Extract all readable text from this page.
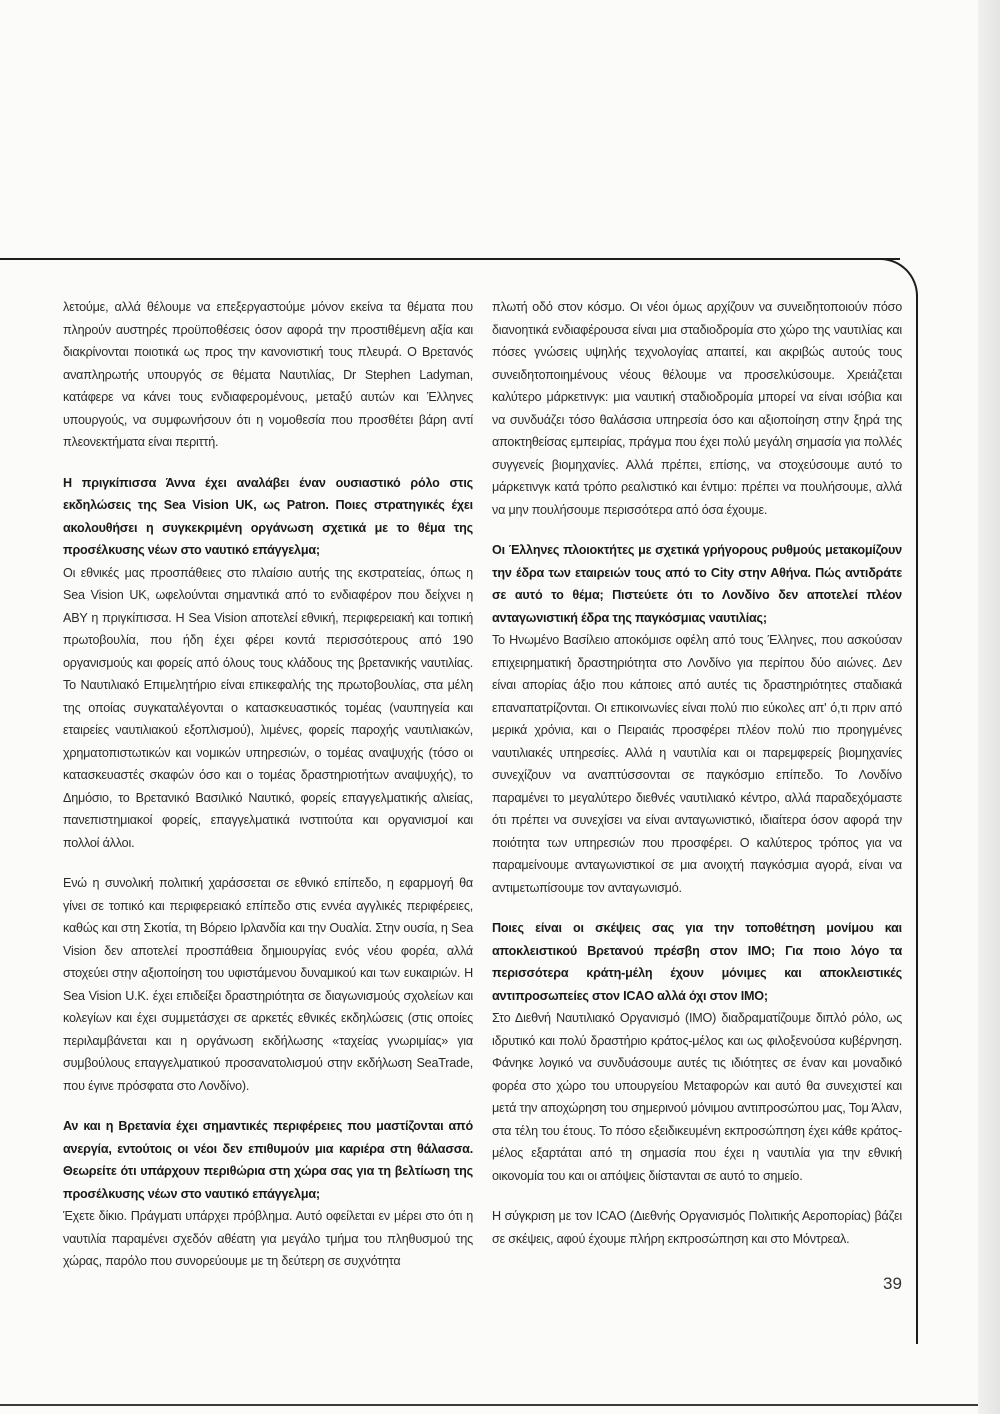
λετούμε, αλλά θέλουμε να επεξεργαστούμε μόνον εκείνα τα θέματα που πληρούν αυστηρές προϋποθέσεις όσον αφορά την προστιθέμενη αξία και διακρίνονται ποιοτικά ως προς την κανονιστική τους πλευρά. Ο Βρετανός αναπληρωτής υπουργός σε θέματα Ναυτιλίας, Dr Stephen Ladyman, κατάφερε να κάνει τους ενδιαφερομένους, μεταξύ αυτών και Έλληνες υπουργούς, να συμφωνήσουν ότι η νομοθεσία που προσθέτει βάρη αντί πλεονεκτήματα είναι περιττή.

Η πριγκίπισσα Άννα έχει αναλάβει έναν ουσιαστικό ρόλο στις εκδηλώσεις της Sea Vision UK, ως Patron. Ποιες στρατηγικές έχει ακολουθήσει η συγκεκριμένη οργάνωση σχετικά με το θέμα της προσέλκυσης νέων στο ναυτικό επάγγελμα;
Οι εθνικές μας προσπάθειες στο πλαίσιο αυτής της εκστρατείας, όπως η Sea Vision UK, ωφελούνται σημαντικά από το ενδιαφέρον που δείχνει η ΑΒΥ η πριγκίπισσα. Η Sea Vision αποτελεί εθνική, περιφερειακή και τοπική πρωτοβουλία, που ήδη έχει φέρει κοντά περισσότερους από 190 οργανισμούς και φορείς από όλους τους κλάδους της βρετανικής ναυτιλίας. Το Ναυτιλιακό Επιμελητήριο είναι επικεφαλής της πρωτοβουλίας, στα μέλη της οποίας συγκαταλέγονται ο κατασκευαστικός τομέας (ναυπηγεία και εταιρείες ναυτιλιακού εξοπλισμού), λιμένες, φορείς παροχής ναυτιλιακών, χρηματοπιστωτικών και νομικών υπηρεσιών, ο τομέας αναψυχής (τόσο οι κατασκευαστές σκαφών όσο και ο τομέας δραστηριοτήτων αναψυχής), το Δημόσιο, το Βρετανικό Βασιλικό Ναυτικό, φορείς επαγγελματικής αλιείας, πανεπιστημιακοί φορείς, επαγγελματικά ινστιτούτα και οργανισμοί και πολλοί άλλοι.

Ενώ η συνολική πολιτική χαράσσεται σε εθνικό επίπεδο, η εφαρμογή θα γίνει σε τοπικό και περιφερειακό επίπεδο στις εννέα αγγλικές περιφέρειες, καθώς και στη Σκοτία, τη Βόρειο Ιρλανδία και την Ουαλία. Στην ουσία, η Sea Vision δεν αποτελεί προσπάθεια δημιουργίας ενός νέου φορέα, αλλά στοχεύει στην αξιοποίηση του υφιστάμενου δυναμικού και των ευκαιριών. Η Sea Vision U.K. έχει επιδείξει δραστηριότητα σε διαγωνισμούς σχολείων και κολεγίων και έχει συμμετάσχει σε αρκετές εθνικές εκδηλώσεις (στις οποίες περιλαμβάνεται και η οργάνωση εκδήλωσης «ταχείας γνωριμίας» για συμβούλους επαγγελματικού προσανατολισμού στην εκδήλωση SeaTrade, που έγινε πρόσφατα στο Λονδίνο).

Αν και η Βρετανία έχει σημαντικές περιφέρειες που μαστίζονται από ανεργία, εντούτοις οι νέοι δεν επιθυμούν μια καριέρα στη θάλασσα. Θεωρείτε ότι υπάρχουν περιθώρια στη χώρα σας για τη βελτίωση της προσέλκυσης νέων στο ναυτικό επάγγελμα;
Έχετε δίκιο. Πράγματι υπάρχει πρόβλημα. Αυτό οφείλεται εν μέρει στο ότι η ναυτιλία παραμένει σχεδόν αθέατη για μεγάλο τμήμα του πληθυσμού της χώρας, παρόλο που συνορεύουμε με τη δεύτερη σε συχνότητα

πλωτή οδό στον κόσμο. Οι νέοι όμως αρχίζουν να συνειδητοποιούν πόσο διανοητικά ενδιαφέρουσα είναι μια σταδιοδρομία στο χώρο της ναυτιλίας και πόσες γνώσεις υψηλής τεχνολογίας απαιτεί, και ακριβώς αυτούς τους συνειδητοποιημένους νέους θέλουμε να προσελκύσουμε. Χρειάζεται καλύτερο μάρκετινγκ: μια ναυτική σταδιοδρομία μπορεί να είναι ισόβια και να συνδυάζει τόσο θαλάσσια υπηρεσία όσο και αξιοποίηση στην ξηρά της αποκτηθείσας εμπειρίας, πράγμα που έχει πολύ μεγάλη σημασία για πολλές συγγενείς βιομηχανίες. Αλλά πρέπει, επίσης, να στοχεύσουμε αυτό το μάρκετινγκ κατά τρόπο ρεαλιστικό και έντιμο: πρέπει να πουλήσουμε, αλλά να μην πουλήσουμε περισσότερα από όσα έχουμε.

Οι Έλληνες πλοιοκτήτες με σχετικά γρήγορους ρυθμούς μετακομίζουν την έδρα των εταιρειών τους από το City στην Αθήνα. Πώς αντιδράτε σε αυτό το θέμα; Πιστεύετε ότι το Λονδίνο δεν αποτελεί πλέον ανταγωνιστική έδρα της παγκόσμιας ναυτιλίας;
Το Ηνωμένο Βασίλειο αποκόμισε οφέλη από τους Έλληνες, που ασκούσαν επιχειρηματική δραστηριότητα στο Λονδίνο για περίπου δύο αιώνες. Δεν είναι απορίας άξιο που κάποιες από αυτές τις δραστηριότητες σταδιακά επαναπατρίζονται. Οι επικοινωνίες είναι πολύ πιο εύκολες απ' ό,τι πριν από μερικά χρόνια, και ο Πειραιάς προσφέρει πλέον πολύ πιο προηγμένες ναυτιλιακές υπηρεσίες. Αλλά η ναυτιλία και οι παρεμφερείς βιομηχανίες συνεχίζουν να αναπτύσσονται σε παγκόσμιο επίπεδο. Το Λονδίνο παραμένει το μεγαλύτερο διεθνές ναυτιλιακό κέντρο, αλλά παραδεχόμαστε ότι πρέπει να συνεχίσει να είναι ανταγωνιστικό, ιδιαίτερα όσον αφορά την ποιότητα των υπηρεσιών που προσφέρει. Ο καλύτερος τρόπος για να παραμείνουμε ανταγωνιστικοί σε μια ανοιχτή παγκόσμια αγορά, είναι να αντιμετωπίσουμε τον ανταγωνισμό.

Ποιες είναι οι σκέψεις σας για την τοποθέτηση μονίμου και αποκλειστικού Βρετανού πρέσβη στον ΙΜΟ; Για ποιο λόγο τα περισσότερα κράτη-μέλη έχουν μόνιμες και αποκλειστικές αντιπροσωπείες στον ICAO αλλά όχι στον ΙΜΟ;
Στο Διεθνή Ναυτιλιακό Οργανισμό (ΙΜΟ) διαδραματίζουμε διπλό ρόλο, ως ιδρυτικό και πολύ δραστήριο κράτος-μέλος και ως φιλοξενούσα κυβέρνηση. Φάνηκε λογικό να συνδυάσουμε αυτές τις ιδιότητες σε έναν και μοναδικό φορέα στο χώρο του υπουργείου Μεταφορών και αυτό θα συνεχιστεί και μετά την αποχώρηση του σημερινού μόνιμου αντιπροσώπου μας, Τομ Άλαν, στα τέλη του έτους. Το πόσο εξειδικευμένη εκπροσώπηση έχει κάθε κράτος-μέλος εξαρτάται από τη σημασία που έχει η ναυτιλία για την εθνική οικονομία του και οι απόψεις διίστανται σε αυτό το σημείο.

Η σύγκριση με τον ICAO (Διεθνής Οργανισμός Πολιτικής Αεροπορίας) βάζει σε σκέψεις, αφού έχουμε πλήρη εκπροσώπηση και στο Μόντρεαλ.

39
